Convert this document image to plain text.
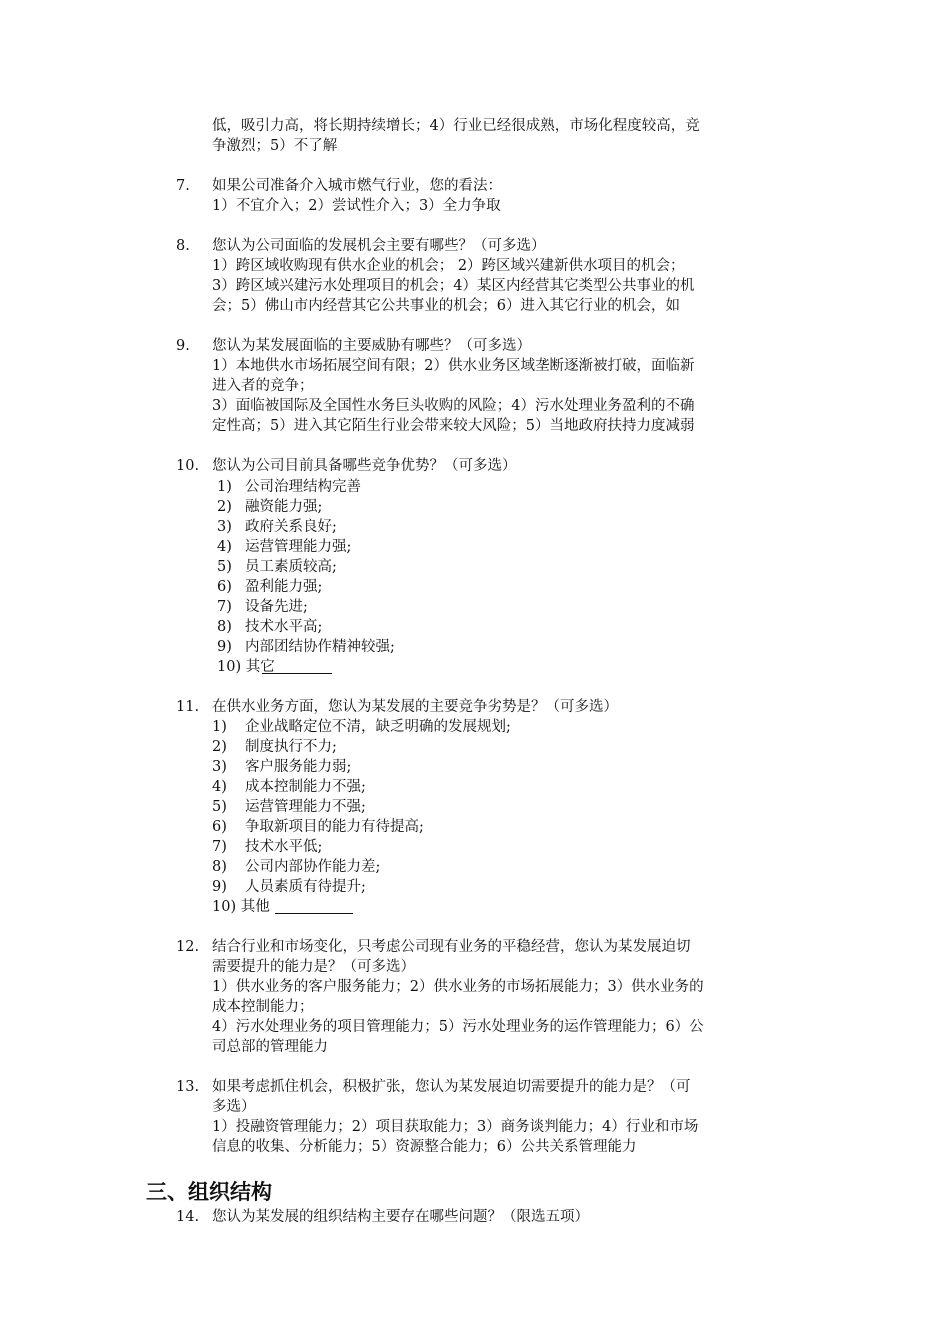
低，吸引力高，将长期持续增长；4）行业已经很成熟，市场化程度较高，竞
争激烈；5）不了解
7. 如果公司准备介入城市燃气行业，您的看法：
1）不宜介入；2）尝试性介入；3）全力争取
8. 您认为公司面临的发展机会主要有哪些？（可多选）
1）跨区域收购现有供水企业的机会； 2）跨区域兴建新供水项目的机会；
3）跨区域兴建污水处理项目的机会；4）某区内经营其它类型公共事业的机
会；5）佛山市内经营其它公共事业的机会；6）进入其它行业的机会，如
9. 您认为某发展面临的主要威胁有哪些？（可多选）
1）本地供水市场拓展空间有限；2）供水业务区域垄断逐渐被打破，面临新
进入者的竞争；
3）面临被国际及全国性水务巨头收购的风险；4）污水处理业务盈利的不确
定性高；5）进入其它陌生行业会带来较大风险；5）当地政府扶持力度减弱
10. 您认为公司目前具备哪些竞争优势？（可多选）
1) 公司治理结构完善
2) 融资能力强;
3) 政府关系良好;
4) 运营管理能力强;
5) 员工素质较高;
6) 盈利能力强;
7) 设备先进;
8) 技术水平高;
9) 内部团结协作精神较强;
10) 其它
11. 在供水业务方面，您认为某发展的主要竞争劣势是？（可多选）
1) 企业战略定位不清，缺乏明确的发展规划;
2) 制度执行不力;
3) 客户服务能力弱;
4) 成本控制能力不强;
5) 运营管理能力不强;
6) 争取新项目的能力有待提高;
7) 技术水平低;
8) 公司内部协作能力差;
9) 人员素质有待提升;
10) 其他
12. 结合行业和市场变化，只考虑公司现有业务的平稳经营，您认为某发展迫切
需要提升的能力是？（可多选）
1）供水业务的客户服务能力；2）供水业务的市场拓展能力；3）供水业务的
成本控制能力；
4）污水处理业务的项目管理能力；5）污水处理业务的运作管理能力；6）公
司总部的管理能力
13. 如果考虑抓住机会，积极扩张，您认为某发展迫切需要提升的能力是？（可
多选）
1）投融资管理能力；2）项目获取能力；3）商务谈判能力；4）行业和市场
信息的收集、分析能力；5）资源整合能力；6）公共关系管理能力
三、组织结构
14. 您认为某发展的组织结构主要存在哪些问题？（限选五项）
